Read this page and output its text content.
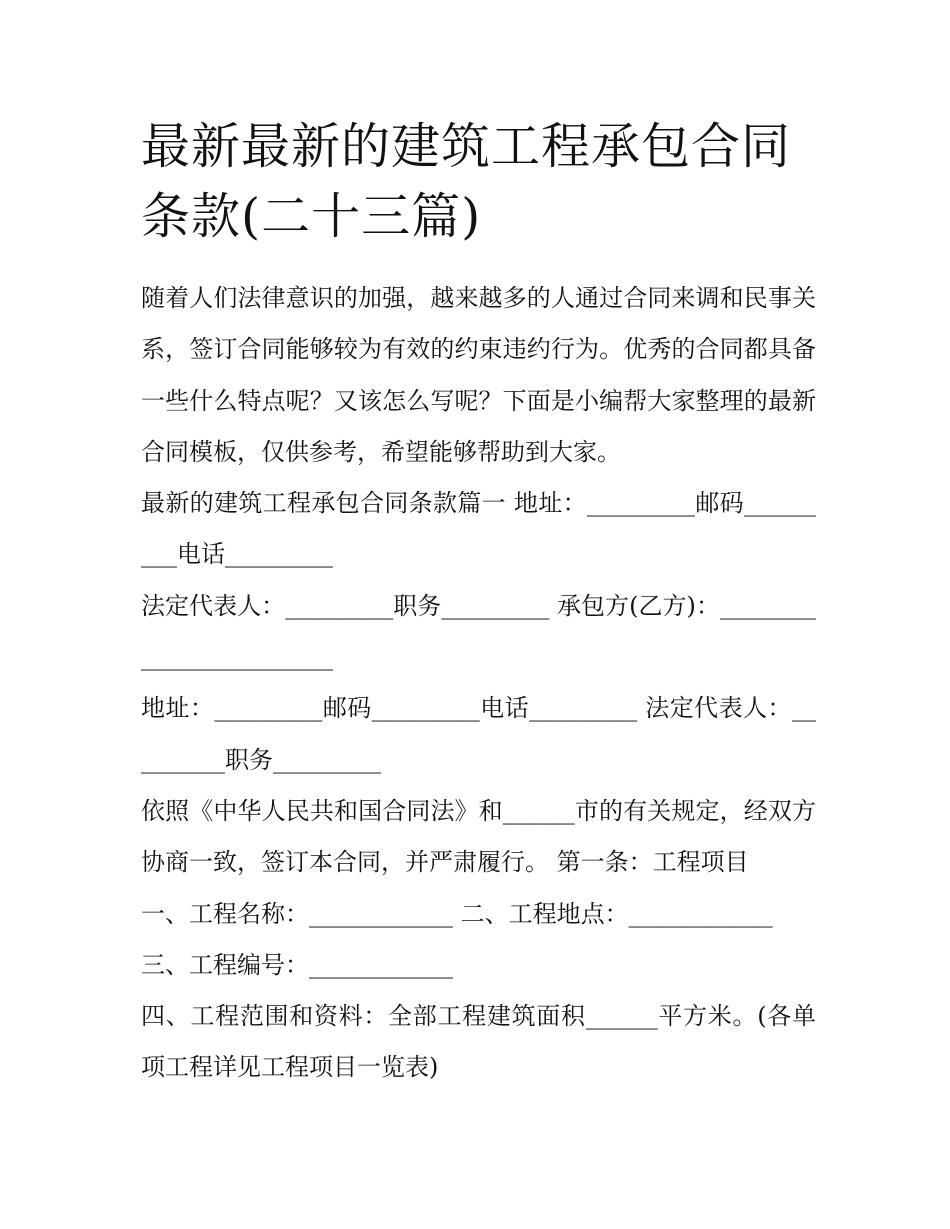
最新最新的建筑工程承包合同
条款(二十三篇)

随着人们法律意识的加强，越来越多的人通过合同来调和民事关系，签订合同能够较为有效的约束违约行为。优秀的合同都具备一些什么特点呢？又该怎么写呢？下面是小编帮大家整理的最新合同模板，仅供参考，希望能够帮助到大家。

最新的建筑工程承包合同条款篇一 地址：_________邮码_________电话_________

法定代表人：_________职务_________ 承包方(乙方)：________________________

地址：_________邮码_________电话_________ 法定代表人：_________职务_________

依照《中华人民共和国合同法》和______市的有关规定，经双方协商一致，签订本合同，并严肃履行。 第一条：工程项目

一、工程名称：____________ 二、工程地点：____________

三、工程编号：____________

四、工程范围和资料：全部工程建筑面积______平方米。(各单项工程详见工程项目一览表)
